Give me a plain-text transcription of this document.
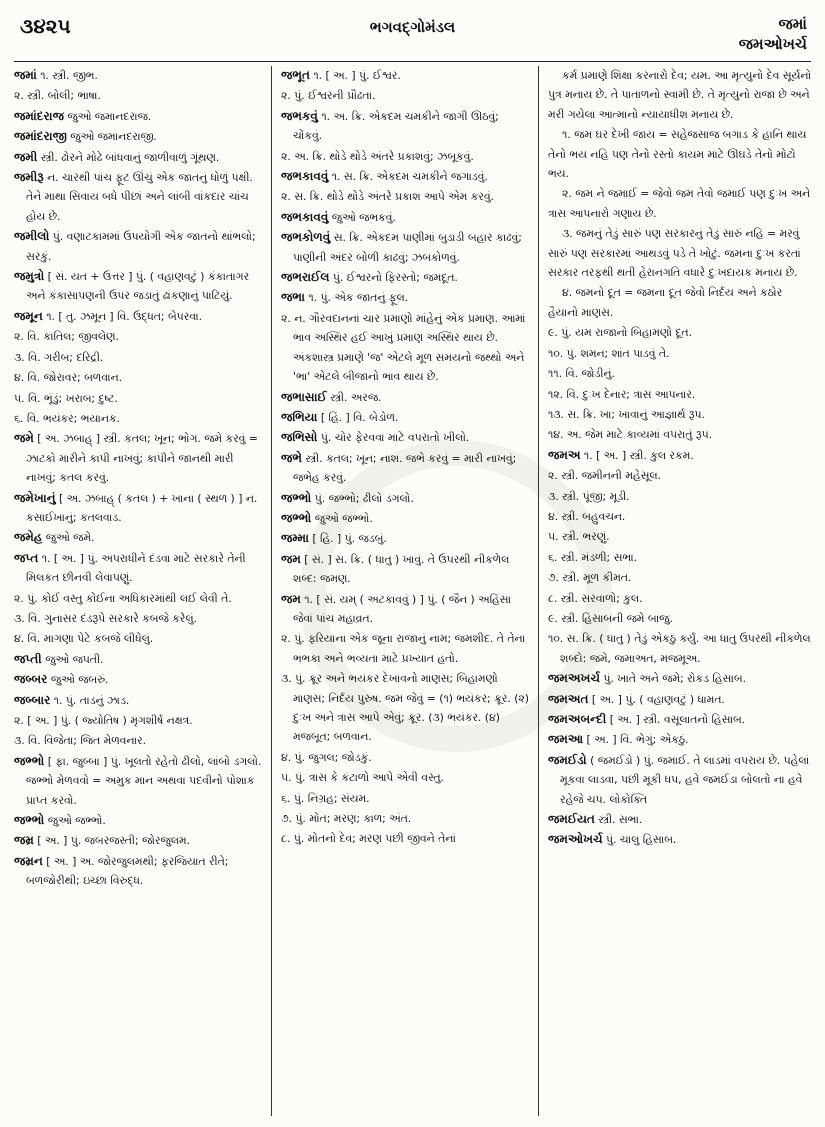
૩૪૨૫	ભગવદ્ગોમંડલ	જમાં
જમઓખર્ચ
જમાં ૧. સ્ત્રી. જીભ.
૨. સ્ત્રી. બોલી; ભાષા.
જમાંદરાજ જુઓ જમાનદરાજ.
જમાંદરાજી જુઓ જમાનદરાજી.
જમી સ્ત્રી. ઢોરને મોઢે બાંધવાનું જાળીવાળું ગૂંથણ.
જમીરૂ ન. ચારથી પાંચ ફૂટ ઊંચું એક જાતનું ધોળું પક્ષી. તેને માથા સિવાય બધે પીછાં અને લાંબી વાંકદાર ચાંચ હોય છે.
જમીલો પું. વણાટકામમાં ઉપયોગી એક જાતનો થાંભલો; સરકું.
જમુત્રો [ સં. યત + ઉત્તર ] પું. ( વહાણવટું ) કંકાતાગર અને કંકાસાપણની ઉપર જડાતું ઢાંકણાનું પાટિયું.
જમૂન ૧. [ તુ. ઝમૂન ] વિ. ઉદ્ધત; બેપરવા.
૨. વિ. કાતિલ; જીવલેણ.
૩. વિ. ગરીબ; દરિદ્રી.
૪. વિ. જોરાવર; બળવાન.
૫. વિ. ભૂંડું; ખરાબ; દુષ્ટ.
૬. વિ. ભયંકર; ભયાનક.
જમે [ અ. ઝબાહ્ ] સ્ત્રી. કતલ; ખૂન; ભોગ. જમે કરવું = ઝાટકો મારીને કાપી નાખવું; કાપીને જાનથી મારી નાખવું; કતલ કરવું.
જમેખાનું [ અ. ઝબાહ્ ( કતલ ) + ખાના ( સ્થળ ) ] ન. કસાઈખાનું; કતલવાડ.
જમેહ જુઓ જમે.
જપ્ત ૧. [ અ. ] પું. અપરાધીને દંડવા માટે સરકારે તેની મિલકત છીનવી લેવાપણું.
૨. પું. કોઈ વસ્તુ કોઈના અધિકારમાંથી લઈ લેવી તે.
૩. વિ. ગુનાસર દંડરૂપે સરકારે કબજે કરેલું.
૪. વિ. માગણા પેટે કબજે લીધેલું.
જપ્તી જુઓ જપતી.
જબ્બર જુઓ જબરું.
જબ્બાર ૧. પું. તાડનું ઝાડ.
૨. [ અ. ] પું. ( જ્યોતિષ ) મૃગશીર્ષ નક્ષત્ર.
૩. વિ. વિજેતા; જિત મેળવનાર.
જભ્ભો [ ફા. જુબ્બા ] પું. ખૂલતો રહેતો ઢીલો, લાંબો ડગલો. જભ્ભો મેળવવો = અમુક માન અથવા પદવીનો પોશાક પ્રાપ્ત કરવો.
જભ્ભો જુઓ જભ્ભો.
જમ્ર [ અ. ] પું. જબરજસ્તી; જોરજુલમ.
જમ્રન [ અ. ] અ. જોરજુલમથી; ફરજિયાત રીતે; બળજોરીથી; ઇચ્છા વિરુદ્ધ.
જભૂત ૧. [ અ. ] પું. ઈશ્વર.
૨. પું. ઈશ્વરની પ્રૌઢતા.
જભકવું ૧. અ. ક્રિ. એકદમ ચમકીને જાગી ઊઠવું; ચોંકવું.
૨. અ. ક્રિ. થોડે થોડે અંતરે પ્રકાશવું; ઝબૂકવું.
જભકાવવું ૧. સ. ક્રિ. એકદમ ચમકીને જગાડવું.
૨. સ. ક્રિ. થોડે થોડે અંતરે પ્રકાશ આપે એમ કરવું.
જભકાવવું જુઓ જભકવું.
જભકોળવું સ. ક્રિ. એકદમ પાણીમાં બુડાડી બહાર કાઢવું; પાણીની અંદર બોળી કાઢવું; ઝબકોળવું.
જભરાઈલ પું. ઈશ્વરનો ફિરસ્તો; જમદૂત.
જભા ૧. પું. એક જાતનું ફૂલ.
૨. ન. ગૌરવદાનનાં ચાર પ્રમાણો માંહેનું એક પ્રમાણ. આમાં ભાવ અસ્થિર હઈ આખું પ્રમાણ અસ્થિર થાય છે. અંકશાસ્ત્ર પ્રમાણે 'જ' એટલે મૂળ સમયનો જથ્થો અને 'ભા' એટલે બીજાનો ભાવ થાય છે.
જભાસાઈ સ્ત્રી. અરજ.
જભિયા [ હિં. ] વિ. બેડોળ.
જભિસો પું. ચોર ફેરવવા માટે વપરાતો ખીલો.
જભે સ્ત્રી. કતલ; ખૂન; નાશ. જભે કરવું = મારી નાખવું; જભેહ કરવું.
જભ્ભો પું. જભ્ભો; ઢીલો ડગલો.
જભ્ભો જુઓ જભ્ભો.
જમ્મા [ હિં. ] પું. જડબું.
જમ [ સં. ] સ. ક્રિ. ( ધાતુ ) ખાવું. તે ઉપરથી નીકળેલ શબ્દ: જમણ.
જમ ૧. [ સં. યમ્ ( અટકાવવું ) ] પું. ( જૈન ) અહિંસા જેવાં પાંચ મહાવ્રત.
૨. પું. ફરિયાના એક જૂના રાજાનું નામ; જમશીદ. તે તેના ભભકા અને ભવ્યતા માટે પ્રખ્યાત હતો.
૩. પું. ક્રૂર અને ભયંકર દેખાવનો માણસ; બિહામણો માણસ; નિર્દય પુરુષ. જમ જેવું = (૧) ભયંકર; ક્રૂર. (૨) દુઃખ અને ત્રાસ આપે એવું; ક્રૂર. (૩) ભયંકર. (૪) મજબૂત; બળવાન.
૪. પું. જુગલ; જોડકું.
૫. પું. ત્રાસ કે કંટાળો આપે એવી વસ્તુ.
૬. પું. નિગ્રહ; સંયમ.
૭. પું. મોત; મરણ; કાળ; અંત.
૮. પું. મોતનો દેવ; મરણ પછી જીવને તેનાં
કર્મ પ્રમાણે શિક્ષા કરનારો દેવ; યમ. આ મૃત્યુનો દેવ સૂર્યનો પુત્ર મનાય છે. તે પાતાળનો સ્વામી છે. તે મૃત્યુનો રાજા છે અને મરી ગયેલા આત્માનો ન્યાયાધીશ મનાય છે.
૧. જમ ઘર દેખી જાય = સહેજસાજ બગાડ કે હાનિ થાય તેનો ભય નહિ પણ તેનો રસ્તો કાયમ માટે ઊઘડે તેનો મોટો ભય.
૨. જમ ને જમાઈ = જેવો જમ તેવો જમાઈ પણ દુઃખ અને ત્રાસ આપનારો ગણાય છે.
૩. જમનું તેડું સારું પણ સરકારનું તેડું સારું નહિ = મરવું સારું પણ સરકારમાં આથડવું પડે તે ખોટું. જમના દુઃખ કરતાં સરકાર તરફથી થતી હેરાનગતિ વધારે દુઃખદાયક મનાય છે.
૪. જમનો દૂત = જમના દૂત જેવો નિર્દય અને કઠોર હૈયાનો માણસ.
૯. પું. યમ રાજાનો બિહામણો દૂત.
૧૦. પું. શમન; શાંત પાડવું તે.
૧૧. વિ. જોડીનું.
૧૨. વિ. દુઃખ દેનાર; ત્રાસ આપનાર.
૧૩. સ. ક્રિ. ખા; ખાવાનું આજ્ઞાર્થ રૂપ.
૧૪. અ. જેમ માટે કાવ્યમાં વપરાતું રૂપ.
જમઅ ૧. [ અ. ] સ્ત્રી. કુલ રકમ.
૨. સ્ત્રી. જમીનની મહેસૂલ.
૩. સ્ત્રી. પૂંજી; મૂડી.
૪. સ્ત્રી. બહુવચન.
૫. સ્ત્રી. ભરણું.
૬. સ્ત્રી. મંડળી; સભા.
૭. સ્ત્રી. મૂળ કીમત.
૮. સ્ત્રી. સરવાળો; કુલ.
૯. સ્ત્રી. હિસાબની જમે બાજુ.
૧૦. સ. ક્રિ. ( ધાતુ ) તેડું એકઠું કર્યું. આ ધાતુ ઉપરથી નીકળેલ શબ્દો: જમે, જમાઅત, મજમૂઅ.
જમઅખર્ચ પું. ખાતે અને જમે; રોકડ હિસાબ.
જમઅત [ અ. ] પું. ( વહાણવટું ) ધામત.
જમઅબન્દી [ અ. ] સ્ત્રી. વસૂલાતનો હિસાબ.
જમઆ [ અ. ] વિ. ભેગું; એકઠું.
જમઈડો ( જમઈડો ) પું. જમાઈ. તે લાડમાં વપરાય છે. પહેલાં મૂકવા લાડવા, પછી મૂકી ધપ, હવે જમઈડા બોલતો ના હવે રહેજે ચપ. લોકોક્તિ
જમઈયત સ્ત્રી. સભા.
જમઓખર્ચ પું. ચાલુ હિસાબ.
